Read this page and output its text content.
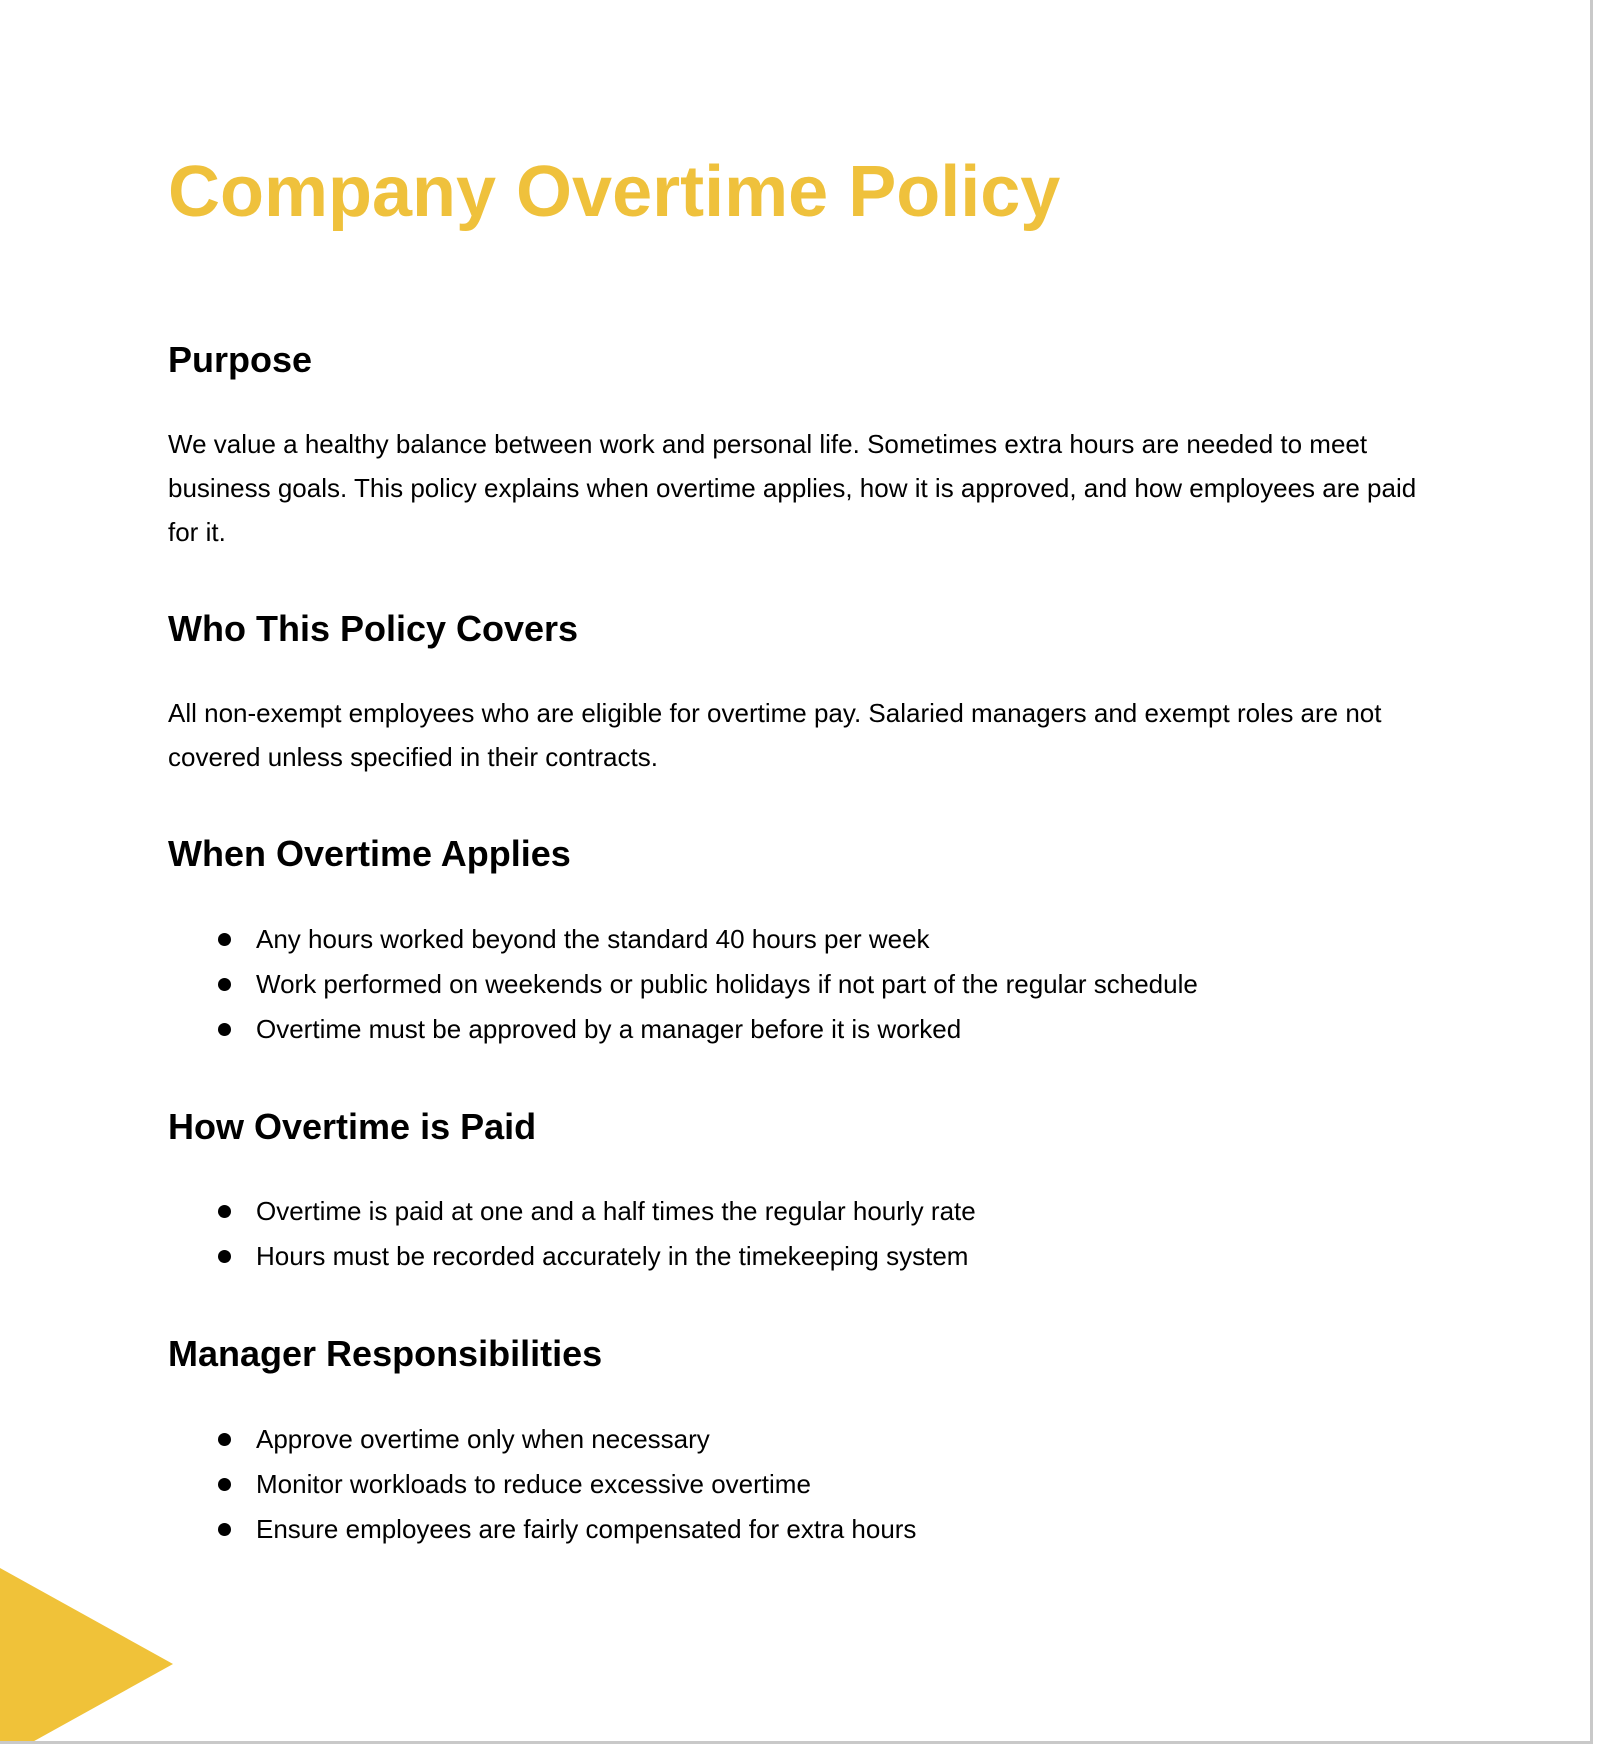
Company Overtime Policy
Purpose

We value a healthy balance between work and personal life. Sometimes extra hours are needed to meet business goals. This policy explains when overtime applies, how it is approved, and how employees are paid for it.

Who This Policy Covers

All non-exempt employees who are eligible for overtime pay. Salaried managers and exempt roles are not covered unless specified in their contracts.

When Overtime Applies
Any hours worked beyond the standard 40 hours per week
Work performed on weekends or public holidays if not part of the regular schedule
Overtime must be approved by a manager before it is worked
How Overtime is Paid
Overtime is paid at one and a half times the regular hourly rate
Hours must be recorded accurately in the timekeeping system
Manager Responsibilities
Approve overtime only when necessary
Monitor workloads to reduce excessive overtime
Ensure employees are fairly compensated for extra hours
